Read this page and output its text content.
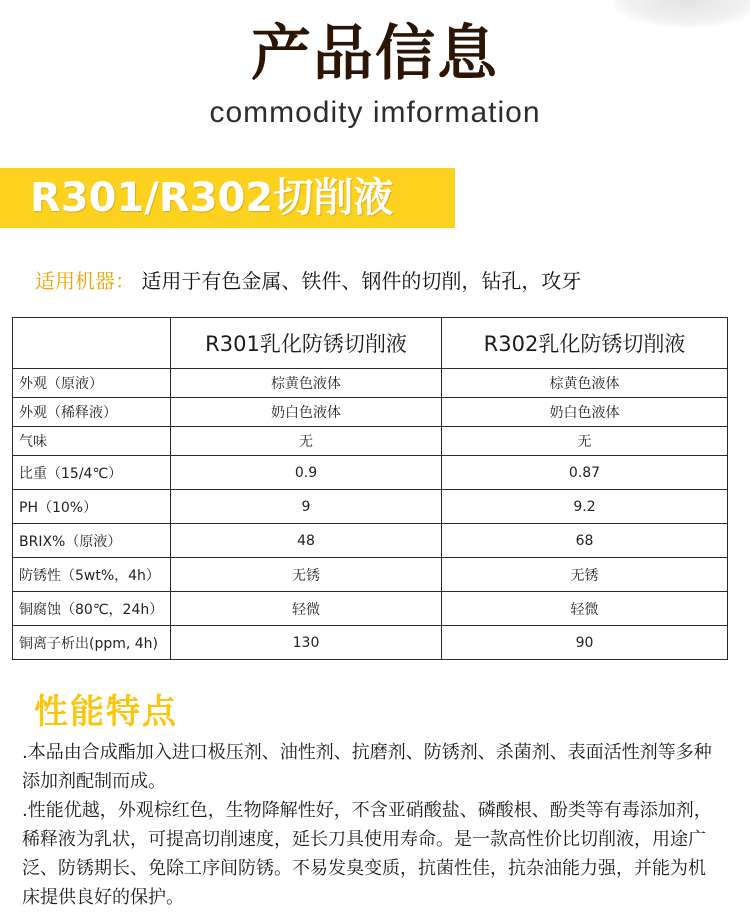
产品信息
commodity imformation
R301/R302切削液
适用机器： 适用于有色金属、铁件、钢件的切削，钻孔，攻牙
	R301乳化防锈切削液	R302乳化防锈切削液
外观（原液）	棕黄色液体	棕黄色液体
外观（稀释液）	奶白色液体	奶白色液体
气味	无	无
比重（15/4℃）	0.9	0.87
PH（10%）	9	9.2
BRIX%（原液）	48	68
防锈性（5wt%，4h）	无锈	无锈
铜腐蚀（80℃，24h）	轻微	轻微
铜离子析出(ppm, 4h)	130	90
性能特点

.本品由合成酯加入进口极压剂、油性剂、抗磨剂、防锈剂、杀菌剂、表面活性剂等多种添加剂配制而成。

.性能优越，外观棕红色，生物降解性好，不含亚硝酸盐、磷酸根、酚类等有毒添加剂，稀释液为乳状，可提高切削速度，延长刀具使用寿命。是一款高性价比切削液，用途广泛、防锈期长、免除工序间防锈。不易发臭变质，抗菌性佳，抗杂油能力强，并能为机床提供良好的保护。
